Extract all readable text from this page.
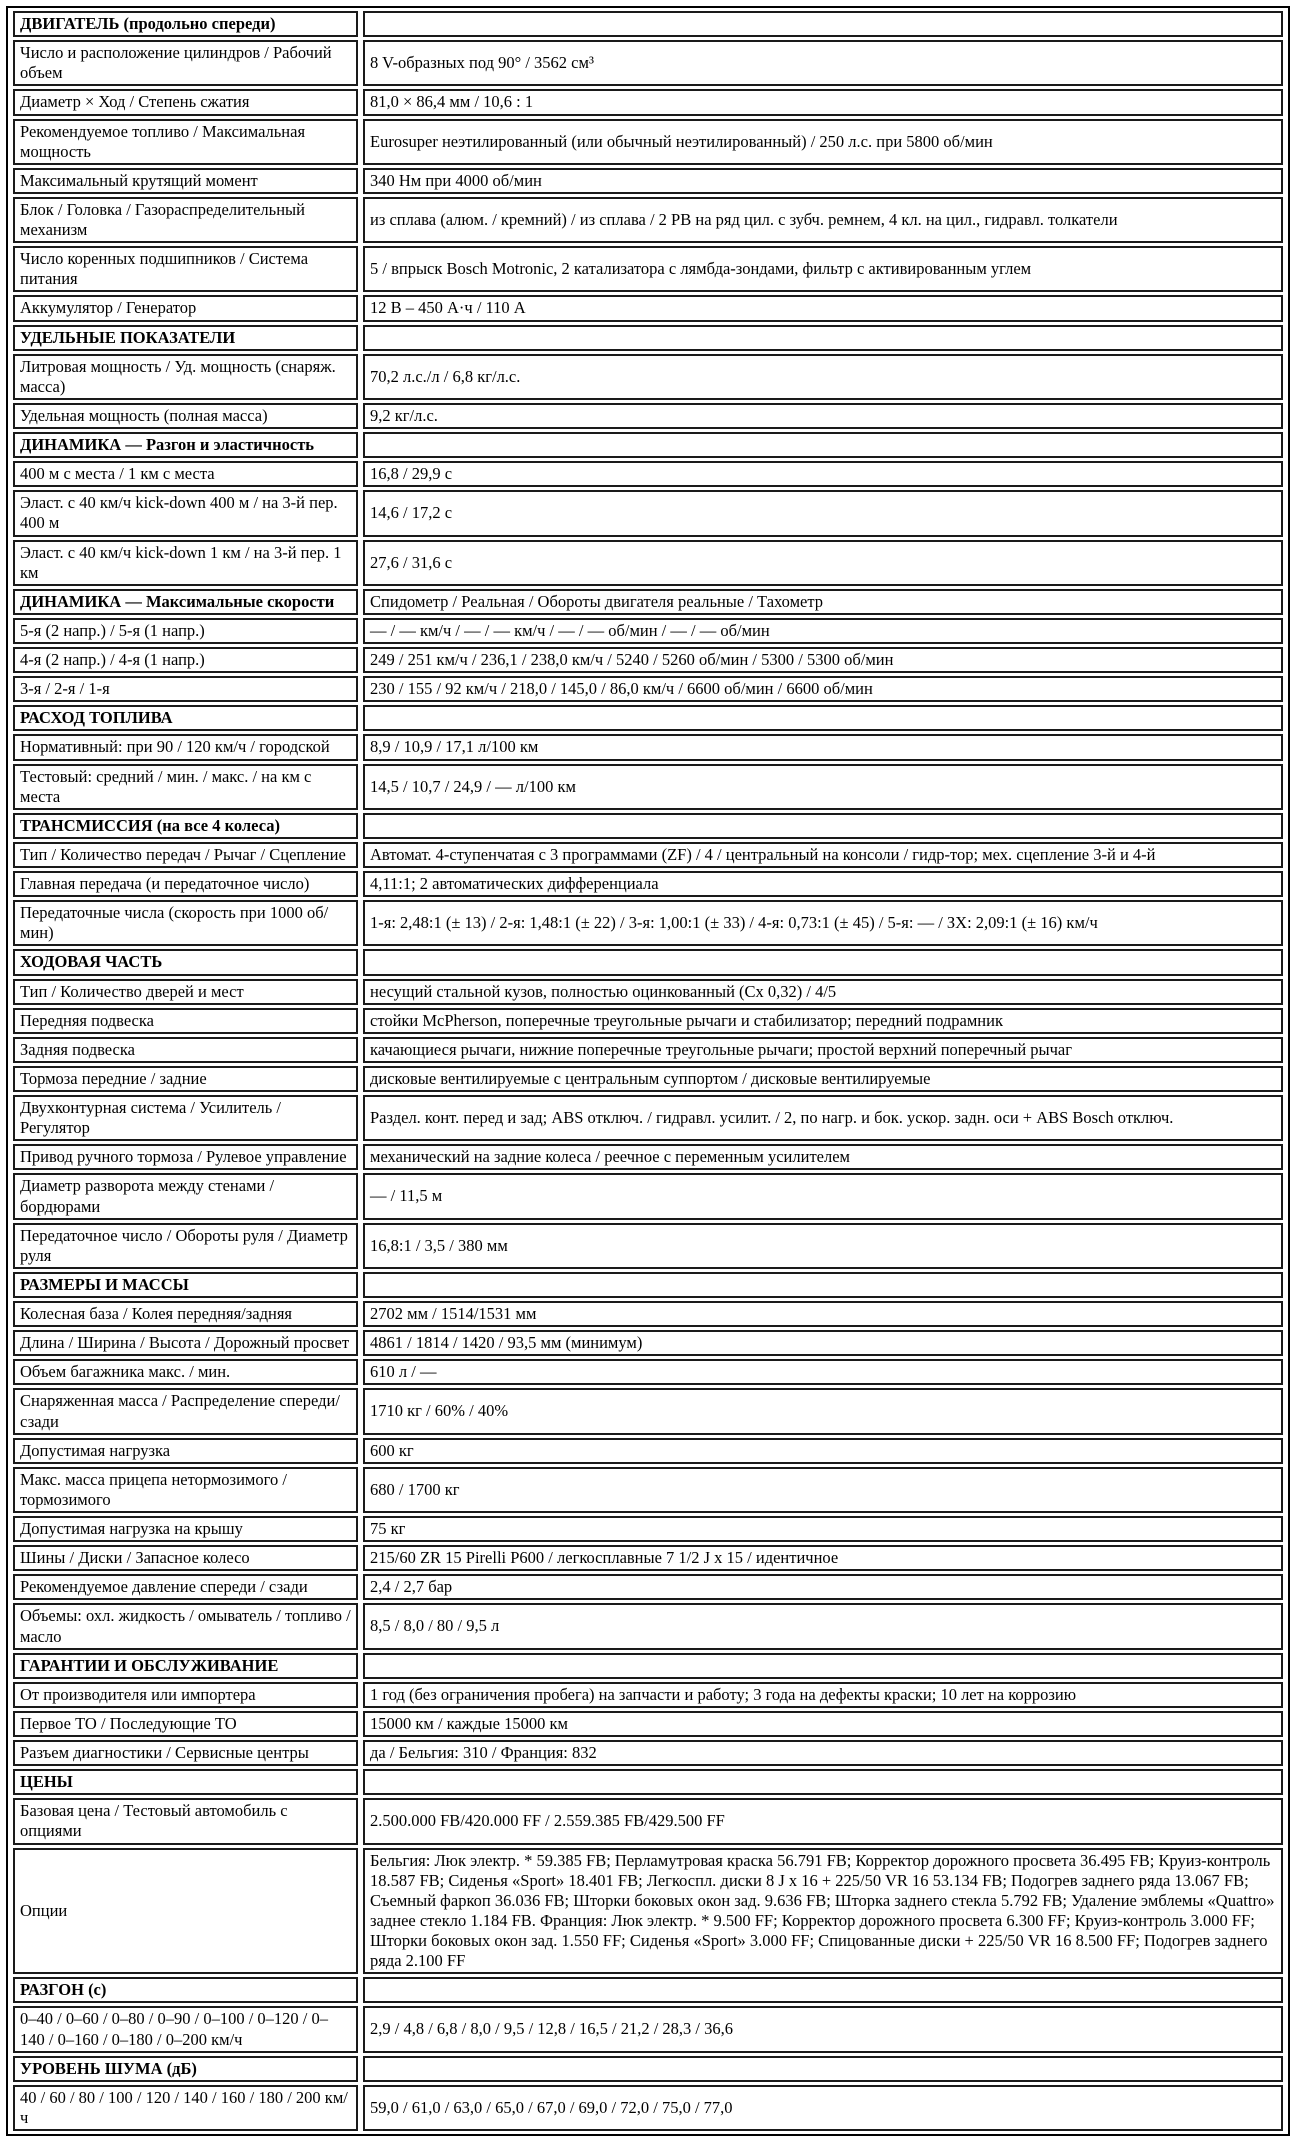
ДВИГАТЕЛЬ (продольно спереди)	
Число и расположение цилиндров / Рабочий объем	8 V-образных под 90° / 3562 см³
Диаметр × Ход / Степень сжатия	81,0 × 86,4 мм / 10,6 : 1
Рекомендуемое топливо / Максимальная мощность	Eurosuper неэтилированный (или обычный неэтилированный) / 250 л.с. при 5800 об/мин
Максимальный крутящий момент	340 Нм при 4000 об/мин
Блок / Головка / Газораспределительный механизм	из сплава (алюм. / кремний) / из сплава / 2 РВ на ряд цил. с зубч. ремнем, 4 кл. на цил., гидравл. толкатели
Число коренных подшипников / Система питания	5 / впрыск Bosch Motronic, 2 катализатора с лямбда-зондами, фильтр с активированным углем
Аккумулятор / Генератор	12 В – 450 А·ч / 110 А
УДЕЛЬНЫЕ ПОКАЗАТЕЛИ	
Литровая мощность / Уд. мощность (снаряж. масса)	70,2 л.с./л / 6,8 кг/л.с.
Удельная мощность (полная масса)	9,2 кг/л.с.
ДИНАМИКА — Разгон и эластичность	
400 м с места / 1 км с места	16,8 / 29,9 с
Эласт. с 40 км/ч kick-down 400 м / на 3-й пер. 400 м	14,6 / 17,2 с
Эласт. с 40 км/ч kick-down 1 км / на 3-й пер. 1 км	27,6 / 31,6 с
ДИНАМИКА — Максимальные скорости	Спидометр / Реальная / Обороты двигателя реальные / Тахометр
5-я (2 напр.) / 5-я (1 напр.)	— / — км/ч / — / — км/ч / — / — об/мин / — / — об/мин
4-я (2 напр.) / 4-я (1 напр.)	249 / 251 км/ч / 236,1 / 238,0 км/ч / 5240 / 5260 об/мин / 5300 / 5300 об/мин
3-я / 2-я / 1-я	230 / 155 / 92 км/ч / 218,0 / 145,0 / 86,0 км/ч / 6600 об/мин / 6600 об/мин
РАСХОД ТОПЛИВА	
Нормативный: при 90 / 120 км/ч / городской	8,9 / 10,9 / 17,1 л/100 км
Тестовый: средний / мин. / макс. / на км с места	14,5 / 10,7 / 24,9 / — л/100 км
ТРАНСМИССИЯ (на все 4 колеса)	
Тип / Количество передач / Рычаг / Сцепление	Автомат. 4-ступенчатая с 3 программами (ZF) / 4 / центральный на консоли / гидр-тор; мех. сцепление 3-й и 4-й
Главная передача (и передаточное число)	4,11:1; 2 автоматических дифференциала
Передаточные числа (скорость при 1000 об/мин)	1-я: 2,48:1 (± 13) / 2-я: 1,48:1 (± 22) / 3-я: 1,00:1 (± 33) / 4-я: 0,73:1 (± 45) / 5-я: — / ЗХ: 2,09:1 (± 16) км/ч
ХОДОВАЯ ЧАСТЬ	
Тип / Количество дверей и мест	несущий стальной кузов, полностью оцинкованный (Сх 0,32) / 4/5
Передняя подвеска	стойки McPherson, поперечные треугольные рычаги и стабилизатор; передний подрамник
Задняя подвеска	качающиеся рычаги, нижние поперечные треугольные рычаги; простой верхний поперечный рычаг
Тормоза передние / задние	дисковые вентилируемые с центральным суппортом / дисковые вентилируемые
Двухконтурная система / Усилитель / Регулятор	Раздел. конт. перед и зад; ABS отключ. / гидравл. усилит. / 2, по нагр. и бок. ускор. задн. оси + ABS Bosch отключ.
Привод ручного тормоза / Рулевое управление	механический на задние колеса / реечное с переменным усилителем
Диаметр разворота между стенами / бордюрами	— / 11,5 м
Передаточное число / Обороты руля / Диаметр руля	16,8:1 / 3,5 / 380 мм
РАЗМЕРЫ И МАССЫ	
Колесная база / Колея передняя/задняя	2702 мм / 1514/1531 мм
Длина / Ширина / Высота / Дорожный просвет	4861 / 1814 / 1420 / 93,5 мм (минимум)
Объем багажника макс. / мин.	610 л / —
Снаряженная масса / Распределение спереди/сзади	1710 кг / 60% / 40%
Допустимая нагрузка	600 кг
Макс. масса прицепа нетормозимого / тормозимого	680 / 1700 кг
Допустимая нагрузка на крышу	75 кг
Шины / Диски / Запасное колесо	215/60 ZR 15 Pirelli P600 / легкосплавные 7 1/2 J x 15 / идентичное
Рекомендуемое давление спереди / сзади	2,4 / 2,7 бар
Объемы: охл. жидкость / омыватель / топливо / масло	8,5 / 8,0 / 80 / 9,5 л
ГАРАНТИИ И ОБСЛУЖИВАНИЕ	
От производителя или импортера	1 год (без ограничения пробега) на запчасти и работу; 3 года на дефекты краски; 10 лет на коррозию
Первое ТО / Последующие ТО	15000 км / каждые 15000 км
Разъем диагностики / Сервисные центры	да / Бельгия: 310 / Франция: 832
ЦЕНЫ	
Базовая цена / Тестовый автомобиль с опциями	2.500.000 FB/420.000 FF / 2.559.385 FB/429.500 FF
Опции	Бельгия: Люк электр. * 59.385 FB; Перламутровая краска 56.791 FB; Корректор дорожного просвета 36.495 FB; Круиз-контроль 18.587 FB; Сиденья «Sport» 18.401 FB; Легкоспл. диски 8 J x 16 + 225/50 VR 16 53.134 FB; Подогрев заднего ряда 13.067 FB; Съемный фаркоп 36.036 FB; Шторки боковых окон зад. 9.636 FB; Шторка заднего стекла 5.792 FB; Удаление эмблемы «Quattro» заднее стекло 1.184 FB. Франция: Люк электр. * 9.500 FF; Корректор дорожного просвета 6.300 FF; Круиз-контроль 3.000 FF; Шторки боковых окон зад. 1.550 FF; Сиденья «Sport» 3.000 FF; Спицованные диски + 225/50 VR 16 8.500 FF; Подогрев заднего ряда 2.100 FF
РАЗГОН (с)	
0–40 / 0–60 / 0–80 / 0–90 / 0–100 / 0–120 / 0–140 / 0–160 / 0–180 / 0–200 км/ч	2,9 / 4,8 / 6,8 / 8,0 / 9,5 / 12,8 / 16,5 / 21,2 / 28,3 / 36,6
УРОВЕНЬ ШУМА (дБ)	
40 / 60 / 80 / 100 / 120 / 140 / 160 / 180 / 200 км/ч	59,0 / 61,0 / 63,0 / 65,0 / 67,0 / 69,0 / 72,0 / 75,0 / 77,0
